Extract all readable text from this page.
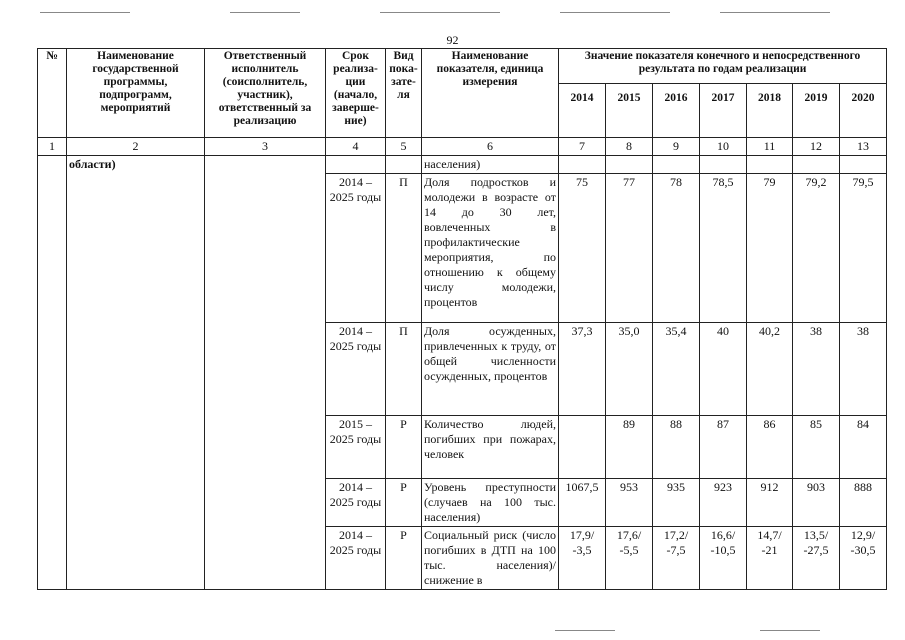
92
№	Наименование государственной программы, подпрограмм, мероприятий	Ответственный исполнитель (соисполнитель, участник), ответственный за реализацию	Срок реализа-ции (начало, заверше-ние)	Вид пока-зате-ля	Наименование показателя, единица измерения	Значение показателя конечного и непосредственного результата по годам реализации						
						2014	2015	2016	2017	2018	2019	2020
1	2	3	4	5	6	7	8	9	10	11	12	13
	области)				населения)							
			2014 – 2025 годы	П	Доля подростков и молодежи в возрасте от 14 до 30 лет, вовлеченных в профилактические мероприятия, по отношению к общему числу молодежи, процентов	75	77	78	78,5	79	79,2	79,5
			2014 – 2025 годы	П	Доля осужденных, привлеченных к труду, от общей численности осужденных, процентов	37,3	35,0	35,4	40	40,2	38	38
			2015 – 2025 годы	Р	Количество людей, погибших при пожарах, человек		89	88	87	86	85	84
			2014 – 2025 годы	Р	Уровень преступности (случаев на 100 тыс. населения)	1067,5	953	935	923	912	903	888
			2014 – 2025 годы	Р	Социальный риск (число погибших в ДТП на 100 тыс. населения)/снижение в	17,9/ -3,5	17,6/ -5,5	17,2/ -7,5	16,6/ -10,5	14,7/ -21	13,5/ -27,5	12,9/ -30,5
